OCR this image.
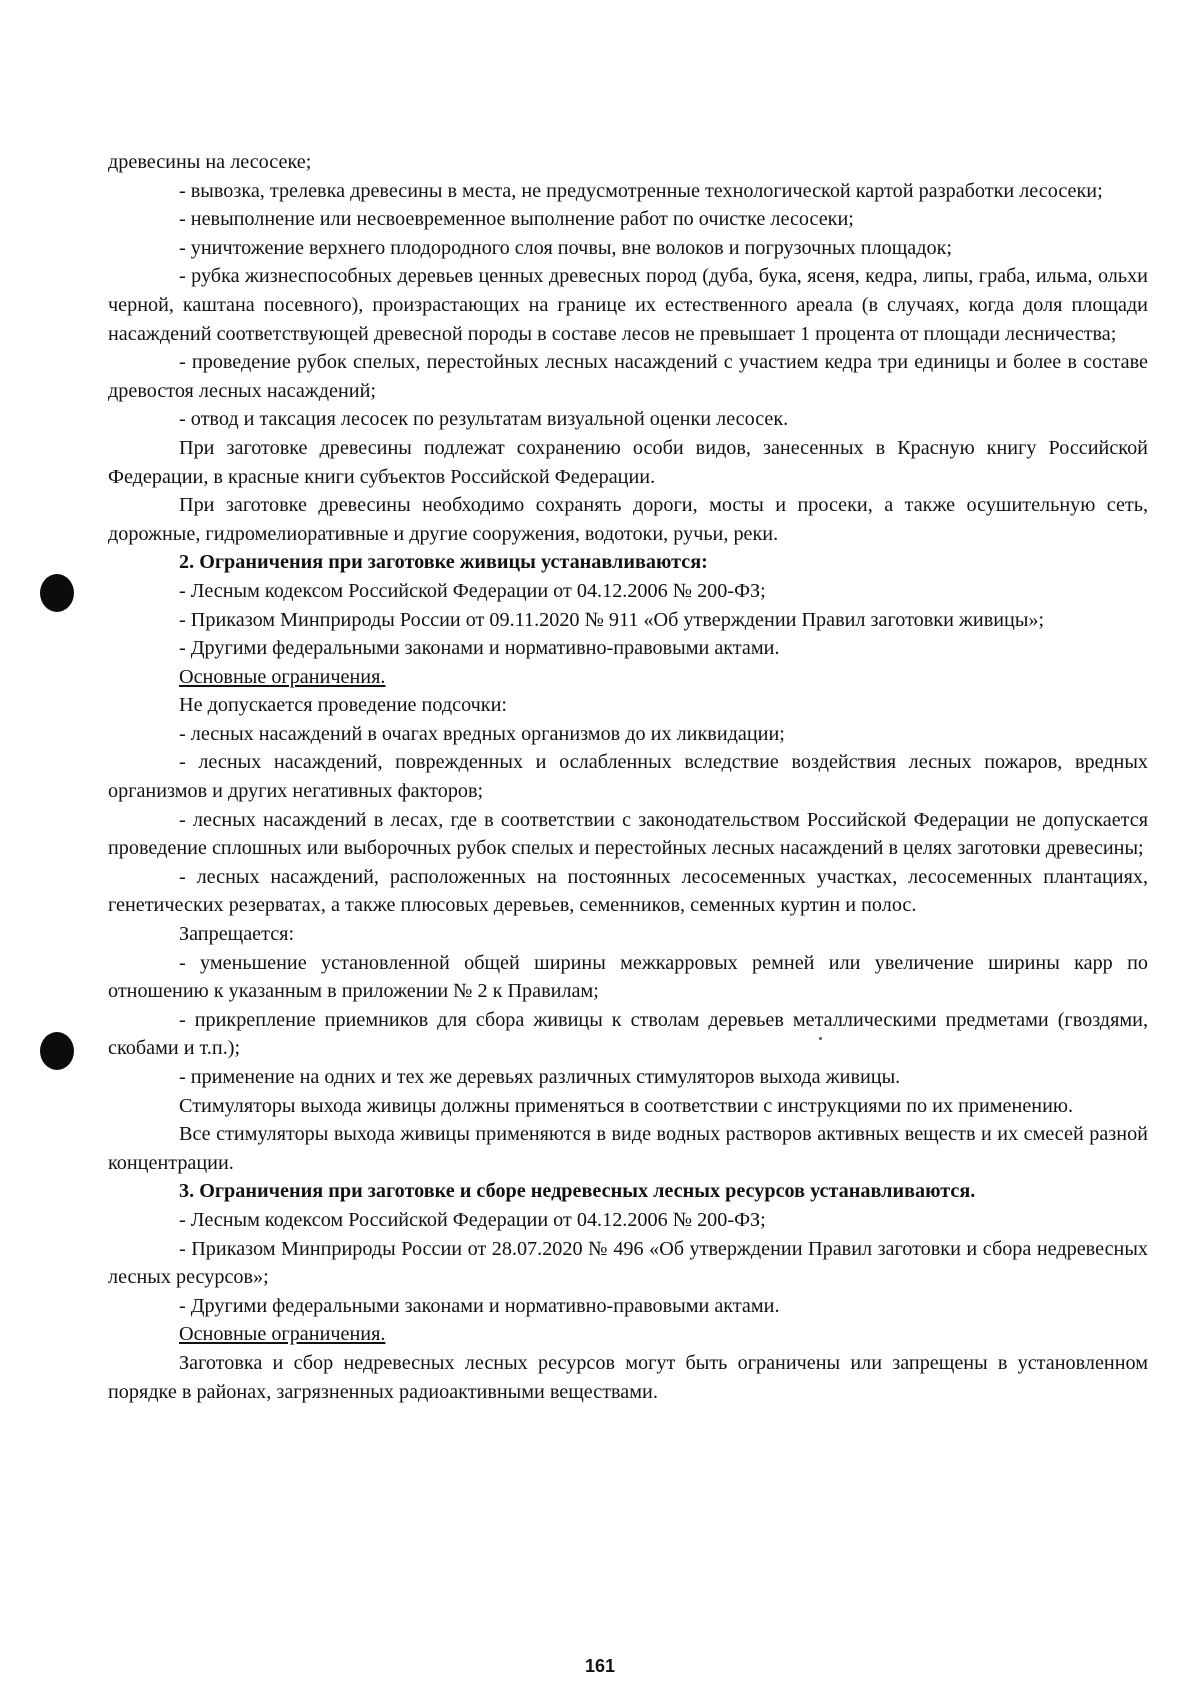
древесины на лесосеке;

- вывозка, трелевка древесины в места, не предусмотренные технологической картой разработки лесосеки;

- невыполнение или несвоевременное выполнение работ по очистке лесосеки;

- уничтожение верхнего плодородного слоя почвы, вне волоков и погрузочных площадок;

- рубка жизнеспособных деревьев ценных древесных пород (дуба, бука, ясеня, кедра, липы, граба, ильма, ольхи черной, каштана посевного), произрастающих на границе их естественного ареала (в случаях, когда доля площади насаждений соответствующей древесной породы в составе лесов не превышает 1 процента от площади лесничества;

- проведение рубок спелых, перестойных лесных насаждений с участием кедра три единицы и более в составе древостоя лесных насаждений;

- отвод и таксация лесосек по результатам визуальной оценки лесосек.

При заготовке древесины подлежат сохранению особи видов, занесенных в Красную книгу Российской Федерации, в красные книги субъектов Российской Федерации.

При заготовке древесины необходимо сохранять дороги, мосты и просеки, а также осушительную сеть, дорожные, гидромелиоративные и другие сооружения, водотоки, ручьи, реки.

2. Ограничения при заготовке живицы устанавливаются:

- Лесным кодексом Российской Федерации от 04.12.2006 № 200-ФЗ;

- Приказом Минприроды России от 09.11.2020 № 911 «Об утверждении Правил заготовки живицы»;

- Другими федеральными законами и нормативно-правовыми актами.

Основные ограничения.

Не допускается проведение подсочки:

- лесных насаждений в очагах вредных организмов до их ликвидации;

- лесных насаждений, поврежденных и ослабленных вследствие воздействия лесных пожаров, вредных организмов и других негативных факторов;

- лесных насаждений в лесах, где в соответствии с законодательством Российской Федерации не допускается проведение сплошных или выборочных рубок спелых и перестойных лесных насаждений в целях заготовки древесины;

- лесных насаждений, расположенных на постоянных лесосеменных участках, лесосеменных плантациях, генетических резерватах, а также плюсовых деревьев, семенников, семенных куртин и полос.

Запрещается:

- уменьшение установленной общей ширины межкарровых ремней или увеличение ширины карр по отношению к указанным в приложении № 2 к Правилам;

- прикрепление приемников для сбора живицы к стволам деревьев металлическими предметами (гвоздями, скобами и т.п.);

- применение на одних и тех же деревьях различных стимуляторов выхода живицы.

Стимуляторы выхода живицы должны применяться в соответствии с инструкциями по их применению.

Все стимуляторы выхода живицы применяются в виде водных растворов активных веществ и их смесей разной концентрации.

3. Ограничения при заготовке и сборе недревесных лесных ресурсов устанавливаются.

- Лесным кодексом Российской Федерации от 04.12.2006 № 200-ФЗ;

- Приказом Минприроды России от 28.07.2020 № 496 «Об утверждении Правил заготовки и сбора недревесных лесных ресурсов»;

- Другими федеральными законами и нормативно-правовыми актами.

Основные ограничения.

Заготовка и сбор недревесных лесных ресурсов могут быть ограничены или запрещены в установленном порядке в районах, загрязненных радиоактивными веществами.

161
